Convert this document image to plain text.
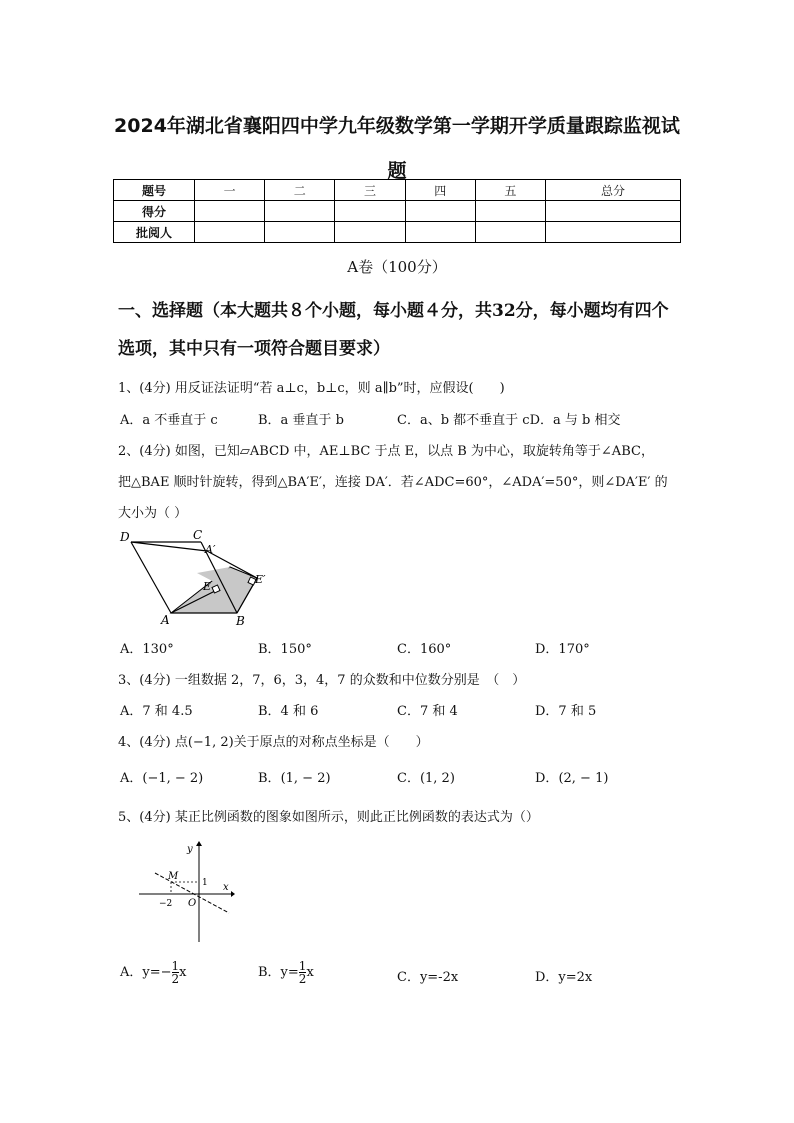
2024年湖北省襄阳四中学九年级数学第一学期开学质量跟踪监视试
题
题号	一	二	三	四	五	总分
得分						
批阅人						
A卷（100分）
一、选择题（本大题共８个小题，每小题４分，共32分，每小题均有四个选项，其中只有一项符合题目要求）
1、(4分) 用反证法证明“若 a⊥c，b⊥c，则 a∥b”时，应假设(　　)
A．a 不垂直于 c	B．a 垂直于 b	C．a、b 都不垂直于 cD．a 与 b 相交
2、(4分) 如图，已知▱ABCD 中，AE⊥BC 于点 E，以点 B 为中心，取旋转角等于∠ABC，
把△BAE 顺时针旋转，得到△BA′E′，连接 DA′．若∠ADC=60°，∠ADA′=50°，则∠DA′E′ 的
大小为（ ）
D	C
A′
E
E′
A	B
A．130°	B．150°	C．160°	D．170°
3、(4分) 一组数据 2，7，6，3，4，7 的众数和中位数分别是　（　）
A．7 和 4.5	B．4 和 6	C．7 和 4	D．7 和 5
4、(4分) 点(−1, 2)关于原点的对称点坐标是（　　）
A．(−1, − 2)	B．(1, − 2)	C．(1, 2)	D．(2, − 1)
5、(4分) 某正比例函数的图象如图所示，则此正比例函数的表达式为（）
y
x
M
1
−2 O
A．$y=- \frac{1}{2}$ x	B．$y= \frac{1}{2}$ x	C．y=-2x	D．y=2x
